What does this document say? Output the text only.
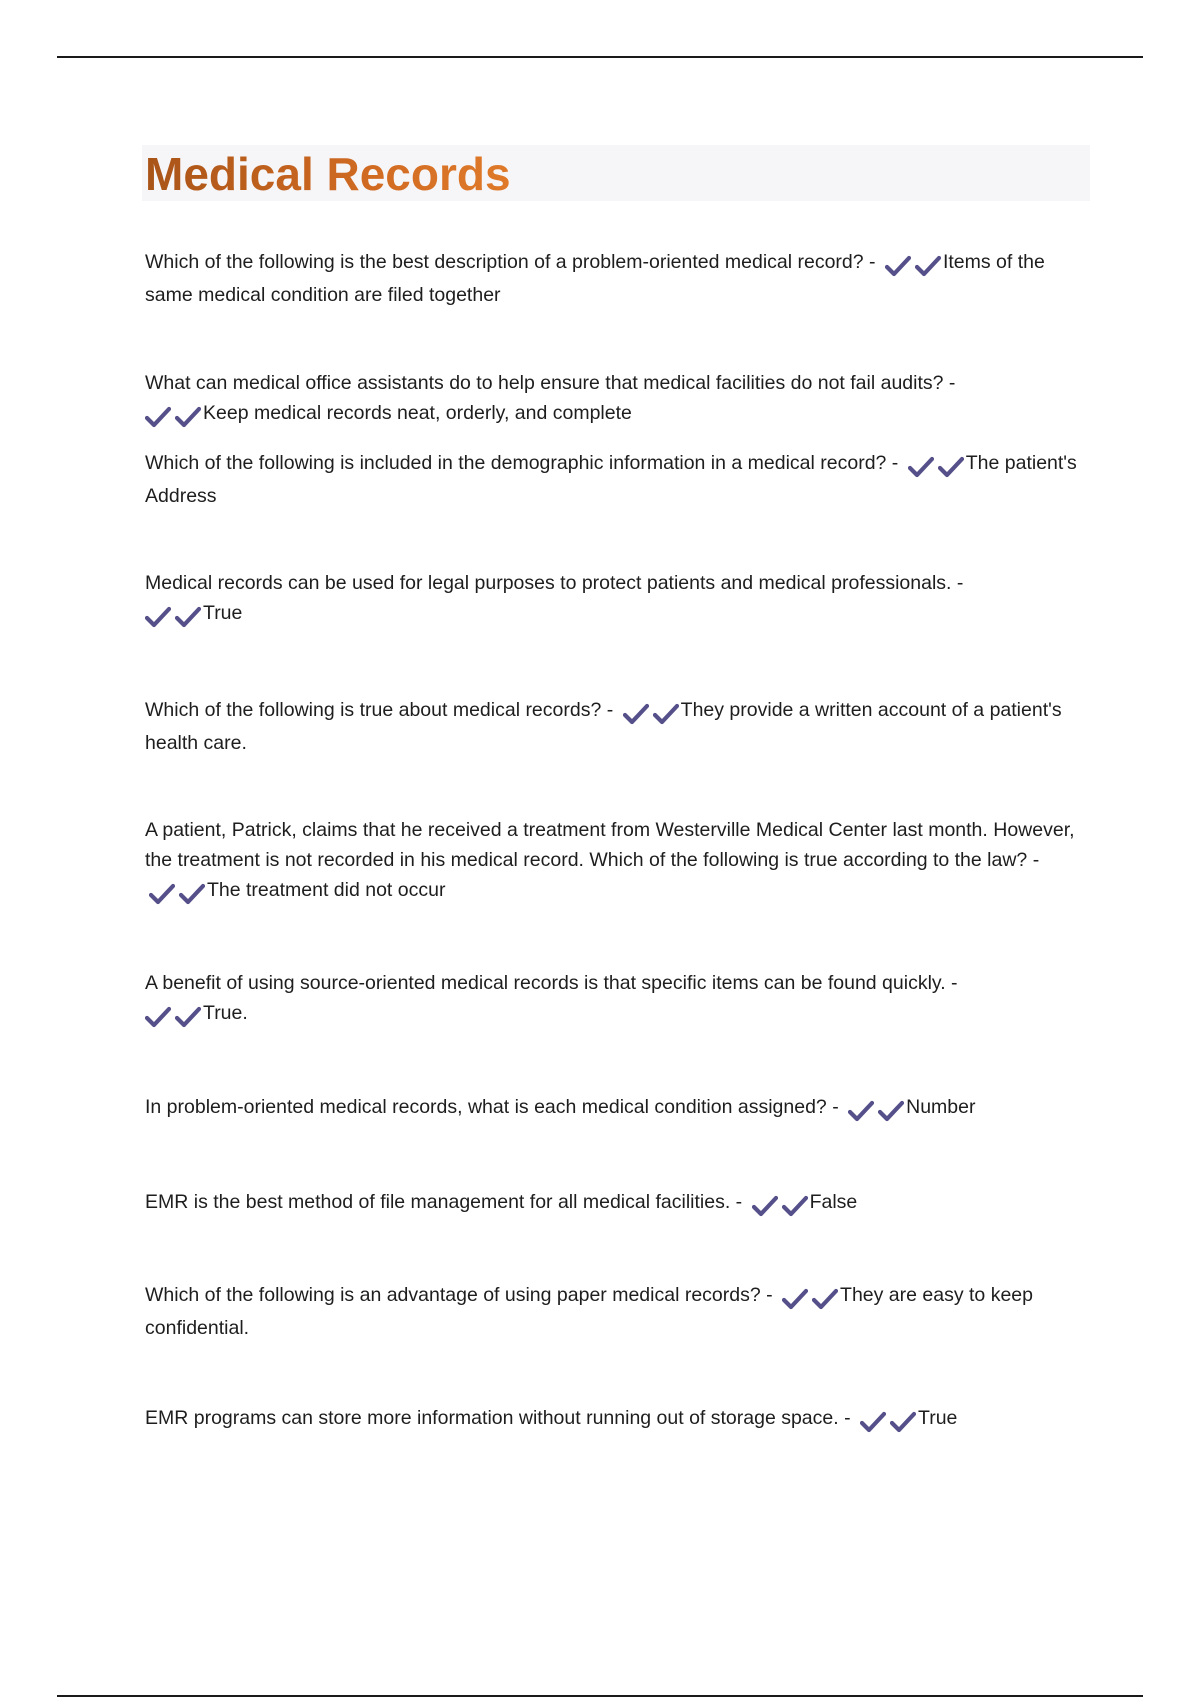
Medical Records

Which of the following is the best description of a problem-oriented medical record? -	Items of the same medical condition are filed together

What can medical office assistants do to help ensure that medical facilities do not fail audits? -
Keep medical records neat, orderly, and complete

Which of the following is included in the demographic information in a medical record? -	The patient's Address

Medical records can be used for legal purposes to protect patients and medical professionals. -
True

Which of the following is true about medical records? -	They provide a written account of a patient's health care.

A patient, Patrick, claims that he received a treatment from Westerville Medical Center last month. However, the treatment is not recorded in his medical record. Which of the following is true according to the law? - The treatment did not occur

A benefit of using source-oriented medical records is that specific items can be found quickly. -
True.

In problem-oriented medical records, what is each medical condition assigned? -	Number

EMR is the best method of file management for all medical facilities. -	False

Which of the following is an advantage of using paper medical records? -	They are easy to keep confidential.

EMR programs can store more information without running out of storage space. -	True
